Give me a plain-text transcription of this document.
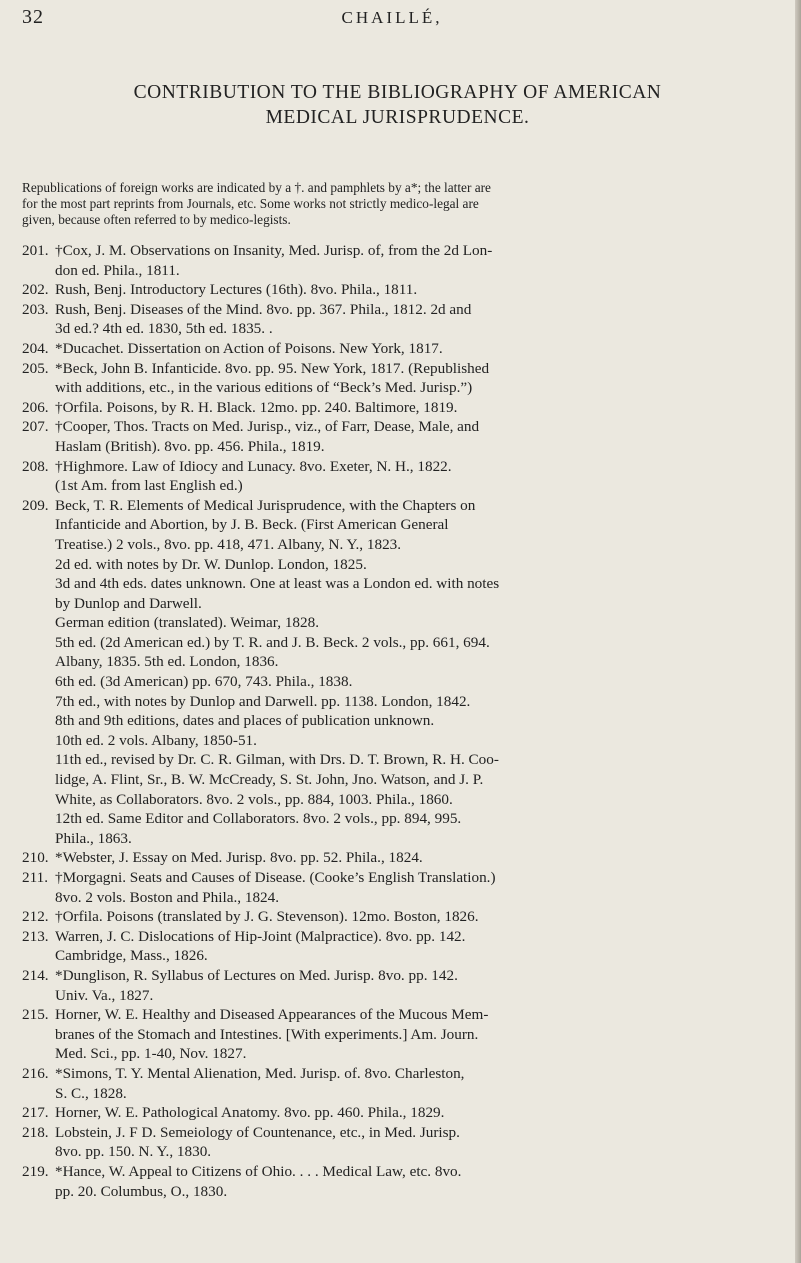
32	CHAILLÉ,
CONTRIBUTION TO THE BIBLIOGRAPHY OF AMERICAN
MEDICAL JURISPRUDENCE.
Republications of foreign works are indicated by a †. and pamphlets by a*; the latter are
for the most part reprints from Journals, etc. Some works not strictly medico-legal are
given, because often referred to by medico-legists.
201. †Cox, J. M. Observations on Insanity, Med. Jurisp. of, from the 2d Lon-
don ed. Phila., 1811.
202. Rush, Benj. Introductory Lectures (16th). 8vo. Phila., 1811.
203. Rush, Benj. Diseases of the Mind. 8vo. pp. 367. Phila., 1812. 2d and
3d ed.? 4th ed. 1830, 5th ed. 1835. .
204. *Ducachet. Dissertation on Action of Poisons. New York, 1817.
205. *Beck, John B. Infanticide. 8vo. pp. 95. New York, 1817. (Republished
with additions, etc., in the various editions of “Beck’s Med. Jurisp.”)
206. †Orfila. Poisons, by R. H. Black. 12mo. pp. 240. Baltimore, 1819.
207. †Cooper, Thos. Tracts on Med. Jurisp., viz., of Farr, Dease, Male, and
Haslam (British). 8vo. pp. 456. Phila., 1819.
208. †Highmore. Law of Idiocy and Lunacy. 8vo. Exeter, N. H., 1822.
(1st Am. from last English ed.)
209. Beck, T. R. Elements of Medical Jurisprudence, with the Chapters on
Infanticide and Abortion, by J. B. Beck. (First American General
Treatise.) 2 vols., 8vo. pp. 418, 471. Albany, N. Y., 1823.
2d ed. with notes by Dr. W. Dunlop. London, 1825.
3d and 4th eds. dates unknown. One at least was a London ed. with notes
by Dunlop and Darwell.
German edition (translated). Weimar, 1828.
5th ed. (2d American ed.) by T. R. and J. B. Beck. 2 vols., pp. 661, 694.
Albany, 1835. 5th ed. London, 1836.
6th ed. (3d American) pp. 670, 743. Phila., 1838.
7th ed., with notes by Dunlop and Darwell. pp. 1138. London, 1842.
8th and 9th editions, dates and places of publication unknown.
10th ed. 2 vols. Albany, 1850-51.
11th ed., revised by Dr. C. R. Gilman, with Drs. D. T. Brown, R. H. Coo-
lidge, A. Flint, Sr., B. W. McCready, S. St. John, Jno. Watson, and J. P.
White, as Collaborators. 8vo. 2 vols., pp. 884, 1003. Phila., 1860.
12th ed. Same Editor and Collaborators. 8vo. 2 vols., pp. 894, 995.
Phila., 1863.
210. *Webster, J. Essay on Med. Jurisp. 8vo. pp. 52. Phila., 1824.
211. †Morgagni. Seats and Causes of Disease. (Cooke’s English Translation.)
8vo. 2 vols. Boston and Phila., 1824.
212. †Orfila. Poisons (translated by J. G. Stevenson). 12mo. Boston, 1826.
213. Warren, J. C. Dislocations of Hip-Joint (Malpractice). 8vo. pp. 142.
Cambridge, Mass., 1826.
214. *Dunglison, R. Syllabus of Lectures on Med. Jurisp. 8vo. pp. 142.
Univ. Va., 1827.
215. Horner, W. E. Healthy and Diseased Appearances of the Mucous Mem-
branes of the Stomach and Intestines. [With experiments.] Am. Journ.
Med. Sci., pp. 1-40, Nov. 1827.
216. *Simons, T. Y. Mental Alienation, Med. Jurisp. of. 8vo. Charleston,
S. C., 1828.
217. Horner, W. E. Pathological Anatomy. 8vo. pp. 460. Phila., 1829.
218. Lobstein, J. F D. Semeiology of Countenance, etc., in Med. Jurisp.
8vo. pp. 150. N. Y., 1830.
219. *Hance, W. Appeal to Citizens of Ohio. . . . Medical Law, etc. 8vo.
pp. 20. Columbus, O., 1830.
